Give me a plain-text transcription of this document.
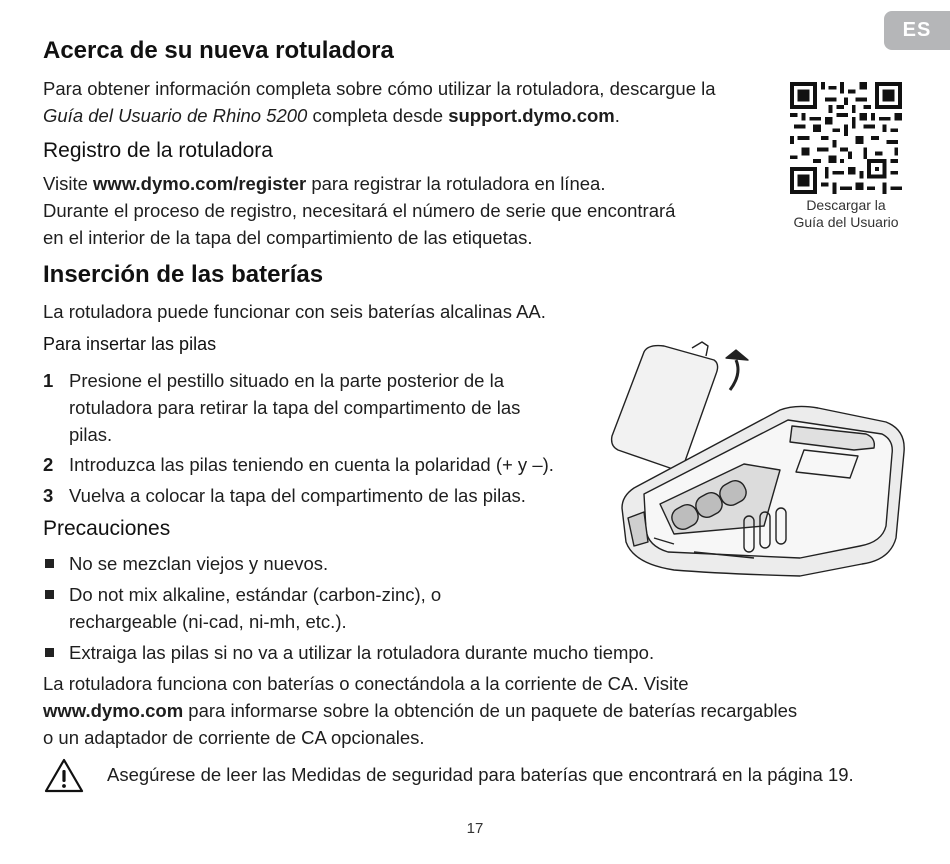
ES
Acerca de su nueva rotuladora

Para obtener información completa sobre cómo utilizar la rotuladora, descargue la

Guía del Usuario de Rhino 5200 completa desde support.dymo.com.

Registro de la rotuladora

Visite www.dymo.com/register para registrar la rotuladora en línea.

Durante el proceso de registro, necesitará el número de serie que encontrará

en el interior de la tapa del compartimiento de las etiquetas.

Descargar la
Guía del Usuario
Inserción de las baterías

La rotuladora puede funcionar con seis baterías alcalinas AA.

Para insertar las pilas
1 Presione el pestillo situado en la parte posterior de la

rotuladora para retirar la tapa del compartimento de las

pilas.

2 Introduzca las pilas teniendo en cuenta la polaridad (+ y –).

3 Vuelva a colocar la tapa del compartimento de las pilas.

Precauciones

No se mezclan viejos y nuevos.

Do not mix alkaline, estándar (carbon-zinc), o

rechargeable (ni-cad, ni-mh, etc.).

Extraiga las pilas si no va a utilizar la rotuladora durante mucho tiempo.

La rotuladora funciona con baterías o conectándola a la corriente de CA. Visite

www.dymo.com para informarse sobre la obtención de un paquete de baterías recargables

o un adaptador de corriente de CA opcionales.

Asegúrese de leer las Medidas de seguridad para baterías que encontrará en la página 19.

17
